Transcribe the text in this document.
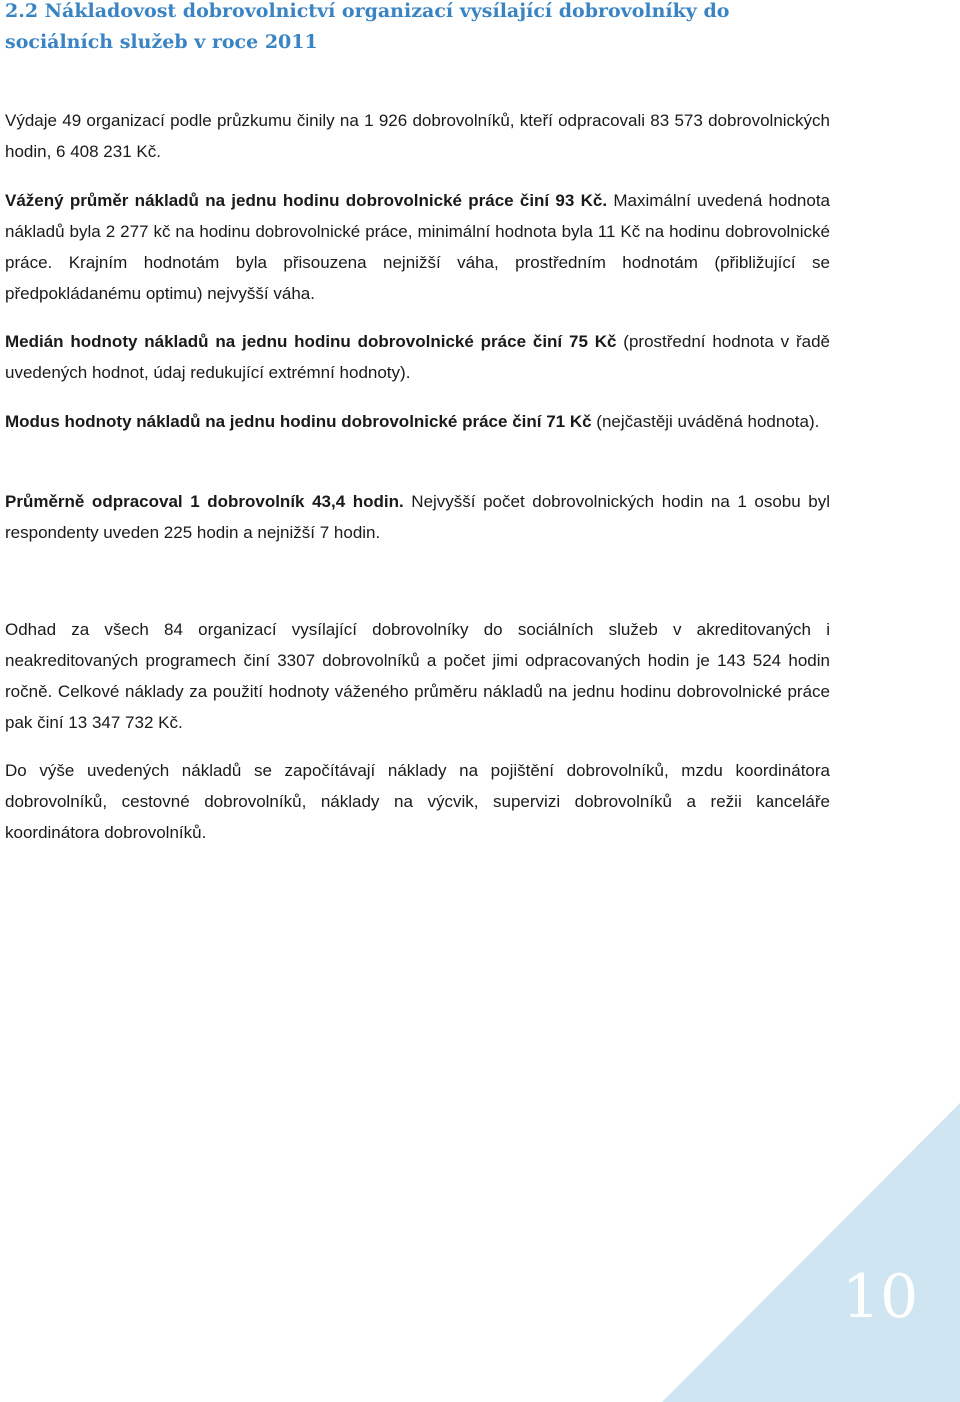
2.2 Nákladovost dobrovolnictví organizací vysílající dobrovolníky do sociálních služeb v roce 2011

Výdaje 49 organizací podle průzkumu činily na 1 926 dobrovolníků, kteří odpracovali 83 573 dobrovolnických hodin, 6 408 231 Kč.

Vážený průměr nákladů na jednu hodinu dobrovolnické práce činí 93 Kč. Maximální uvedená hodnota nákladů byla 2 277 kč na hodinu dobrovolnické práce, minimální hodnota byla 11 Kč na hodinu dobrovolnické práce. Krajním hodnotám byla přisouzena nejnižší váha, prostředním hodnotám (přibližující se předpokládanému optimu) nejvyšší váha.

Medián hodnoty nákladů na jednu hodinu dobrovolnické práce činí 75 Kč (prostřední hodnota v řadě uvedených hodnot, údaj redukující extrémní hodnoty).

Modus hodnoty nákladů na jednu hodinu dobrovolnické práce činí 71 Kč (nejčastěji uváděná hodnota).

Průměrně odpracoval 1 dobrovolník 43,4 hodin. Nejvyšší počet dobrovolnických hodin na 1 osobu byl respondenty uveden 225 hodin a nejnižší 7 hodin.

Odhad za všech 84 organizací vysílající dobrovolníky do sociálních služeb v akreditovaných i neakreditovaných programech činí 3307 dobrovolníků a počet jimi odpracovaných hodin je 143 524 hodin ročně. Celkové náklady za použití hodnoty váženého průměru nákladů na jednu hodinu dobrovolnické práce pak činí 13 347 732 Kč.

Do výše uvedených nákladů se započítávají náklady na pojištění dobrovolníků, mzdu koordinátora dobrovolníků, cestovné dobrovolníků, náklady na výcvik, supervizi dobrovolníků a režii kanceláře koordinátora dobrovolníků.

10
